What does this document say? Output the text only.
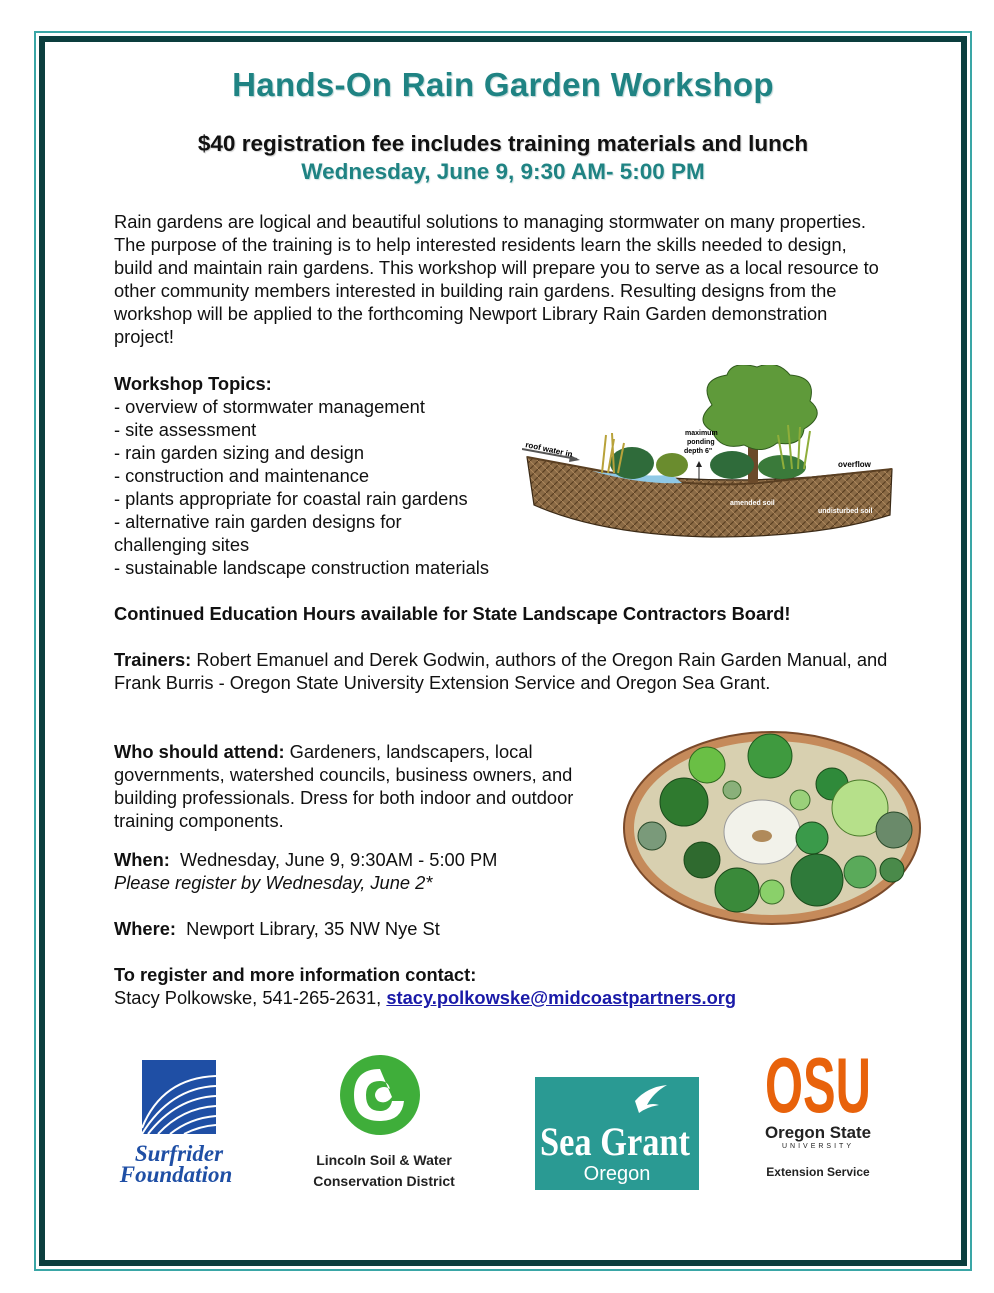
Hands-On Rain Garden Workshop
$40 registration fee includes training materials and lunch
Wednesday, June 9, 9:30 AM- 5:00 PM
Rain gardens are logical and beautiful solutions to managing stormwater on many properties. The purpose of the training is to help interested residents learn the skills needed to design, build and maintain rain gardens. This workshop will prepare you to serve as a local resource to other community members interested in building rain gardens. Resulting designs from the workshop will be applied to the forthcoming Newport Library Rain Garden demonstration project!
Workshop Topics:
- overview of stormwater management
- site assessment
- rain garden sizing and design
- construction and maintenance
- plants appropriate for coastal rain gardens
- alternative rain garden designs for challenging sites
- sustainable landscape construction materials
roof water in
maximum
ponding
depth 6"
overflow
amended soil
undisturbed soil
Continued Education Hours available for State Landscape Contractors Board!
Trainers: Robert Emanuel and Derek Godwin, authors of the Oregon Rain Garden Manual, and Frank Burris - Oregon State University Extension Service and Oregon Sea Grant.
Who should attend: Gardeners, landscapers, local governments, watershed councils, business owners, and building professionals. Dress for both indoor and outdoor training components.
When:  Wednesday, June 9, 9:30AM - 5:00 PM
Please register by Wednesday, June 2*
Where:  Newport Library, 35 NW Nye St
To register and more information contact:
Stacy Polkowske, 541-265-2631, stacy.polkowske@midcoastpartners.org
Surfrider
Foundation
Lincoln Soil & Water
Conservation District
Sea Grant
Oregon
OSU
Oregon State
UNIVERSITY
Extension Service
